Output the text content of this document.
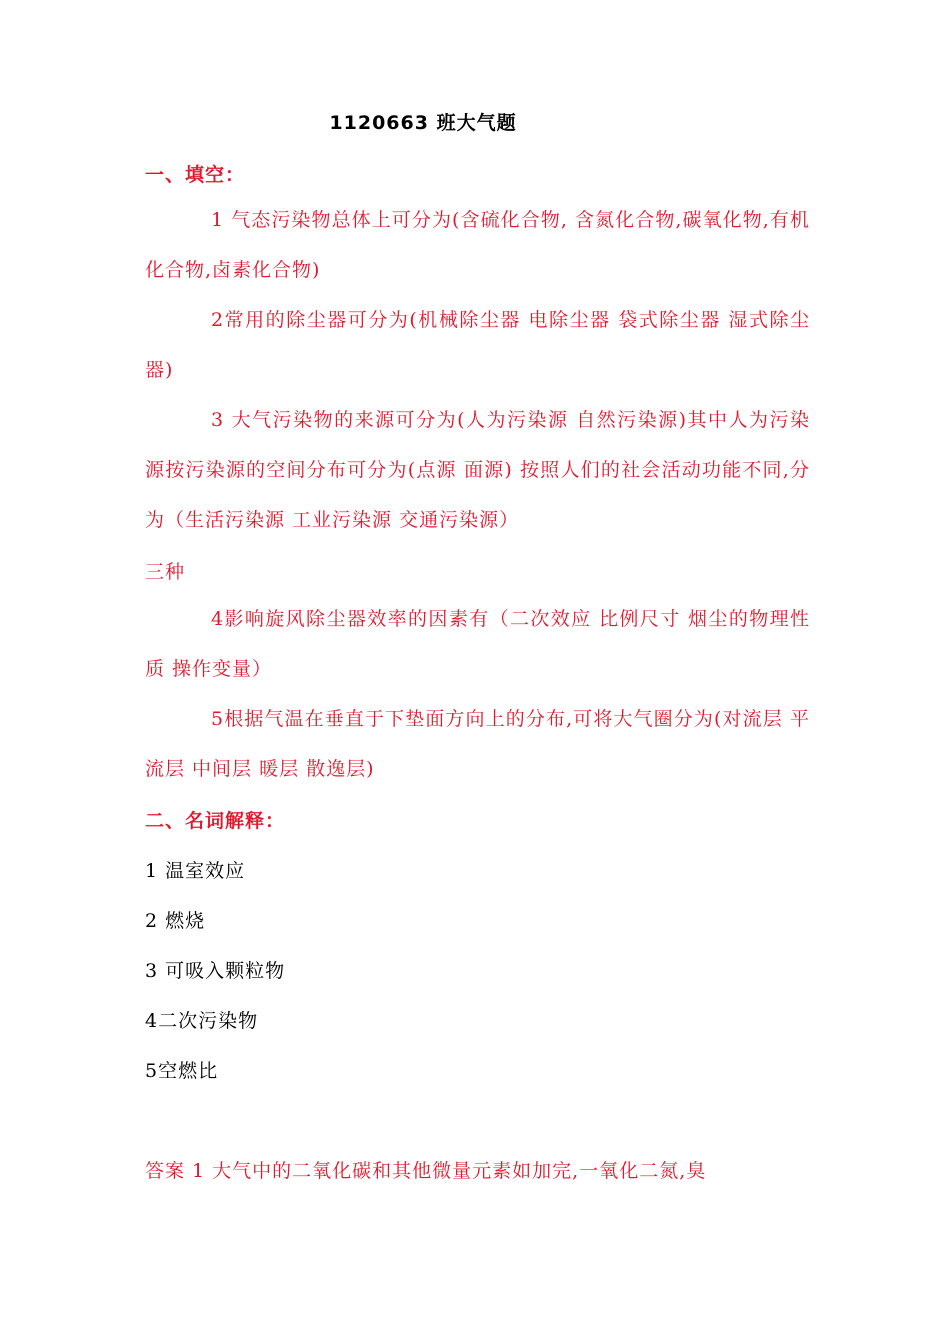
1120663 班大气题
一、填空：
1 气态污染物总体上可分为(含硫化合物, 含氮化合物,碳氧化物,有机化合物,卤素化合物)
2常用的除尘器可分为(机械除尘器 电除尘器 袋式除尘器 湿式除尘器)
3 大气污染物的来源可分为(人为污染源 自然污染源)其中人为污染源按污染源的空间分布可分为(点源 面源) 按照人们的社会活动功能不同,分为（生活污染源 工业污染源 交通污染源）
三种
4影响旋风除尘器效率的因素有（二次效应 比例尺寸 烟尘的物理性质 操作变量）
5根据气温在垂直于下垫面方向上的分布,可将大气圈分为(对流层 平流层 中间层 暖层 散逸层)
二、名词解释：
1 温室效应
2 燃烧
3 可吸入颗粒物
4二次污染物
5空燃比
答案 1 大气中的二氧化碳和其他微量元素如加完,一氧化二氮,臭
